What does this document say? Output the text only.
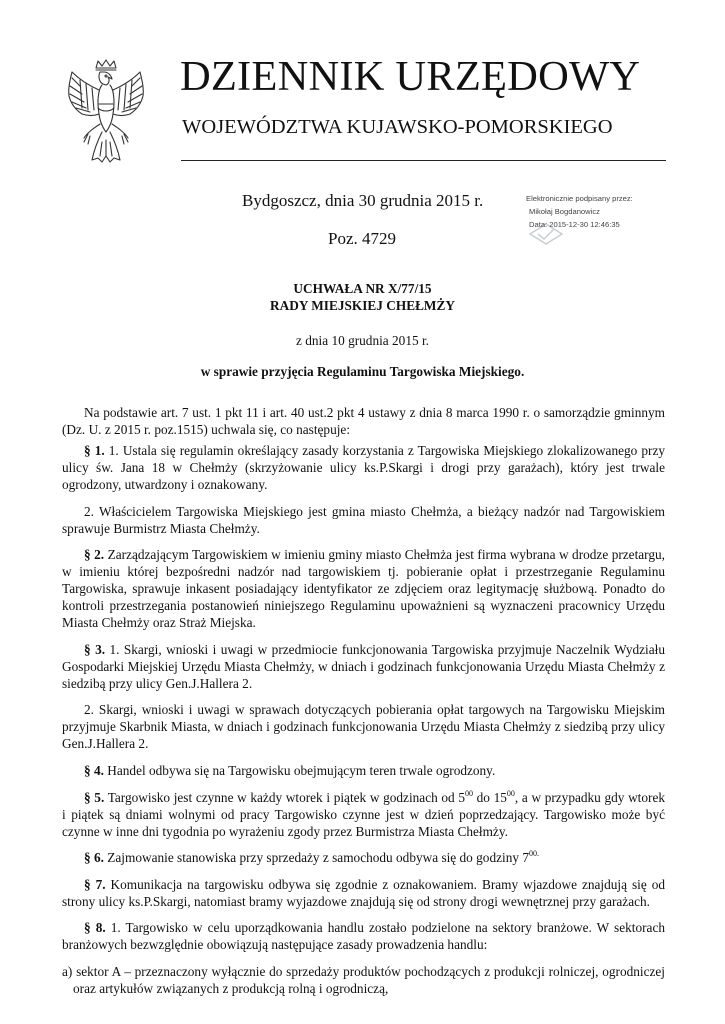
DZIENNIK URZĘDOWY
WOJEWÓDZTWA KUJAWSKO-POMORSKIEGO
Bydgoszcz, dnia 30 grudnia 2015 r.
Poz. 4729
Elektronicznie podpisany przez:
Mikołaj Bogdanowicz
Data: 2015-12-30 12:46:35
UCHWAŁA NR X/77/15
RADY MIEJSKIEJ CHEŁMŻY
z dnia 10 grudnia 2015 r.
w sprawie przyjęcia Regulaminu Targowiska Miejskiego.

Na podstawie art. 7 ust. 1 pkt 11 i art. 40 ust.2 pkt 4 ustawy z dnia 8 marca 1990 r. o samorządzie gminnym (Dz. U. z 2015 r. poz.1515) uchwala się, co następuje:

§ 1. 1. Ustala się regulamin określający zasady korzystania z Targowiska Miejskiego zlokalizowanego przy ulicy św. Jana 18 w Chełmży (skrzyżowanie ulicy ks.P.Skargi i drogi przy garażach), który jest trwale ogrodzony, utwardzony i oznakowany.

2. Właścicielem Targowiska Miejskiego jest gmina miasto Chełmża, a bieżący nadzór nad Targowiskiem sprawuje Burmistrz Miasta Chełmży.

§ 2. Zarządzającym Targowiskiem w imieniu gminy miasto Chełmża jest firma wybrana w drodze przetargu, w imieniu której bezpośredni nadzór nad targowiskiem tj. pobieranie opłat i przestrzeganie Regulaminu Targowiska, sprawuje inkasent posiadający identyfikator ze zdjęciem oraz legitymację służbową. Ponadto do kontroli przestrzegania postanowień niniejszego Regulaminu upoważnieni są wyznaczeni pracownicy Urzędu Miasta Chełmży oraz Straż Miejska.

§ 3. 1. Skargi, wnioski i uwagi w przedmiocie funkcjonowania Targowiska przyjmuje Naczelnik Wydziału Gospodarki Miejskiej Urzędu Miasta Chełmży, w dniach i godzinach funkcjonowania Urzędu Miasta Chełmży z siedzibą przy ulicy Gen.J.Hallera 2.

2. Skargi, wnioski i uwagi w sprawach dotyczących pobierania opłat targowych na Targowisku Miejskim przyjmuje Skarbnik Miasta, w dniach i godzinach funkcjonowania Urzędu Miasta Chełmży z siedzibą przy ulicy Gen.J.Hallera 2.

§ 4. Handel odbywa się na Targowisku obejmującym teren trwale ogrodzony.

§ 5. Targowisko jest czynne w każdy wtorek i piątek w godzinach od $5^{00}$ do $15^{00}$, a w przypadku gdy wtorek i piątek są dniami wolnymi od pracy Targowisko czynne jest w dzień poprzedzający. Targowisko może być czynne w inne dni tygodnia po wyrażeniu zgody przez Burmistrza Miasta Chełmży.

§ 6. Zajmowanie stanowiska przy sprzedaży z samochodu odbywa się do godziny $7^{00.}$

§ 7. Komunikacja na targowisku odbywa się zgodnie z oznakowaniem. Bramy wjazdowe znajdują się od strony ulicy ks.P.Skargi, natomiast bramy wyjazdowe znajdują się od strony drogi wewnętrznej przy garażach.

§ 8. 1. Targowisko w celu uporządkowania handlu zostało podzielone na sektory branżowe. W sektorach branżowych bezwzględnie obowiązują następujące zasady prowadzenia handlu:

a) sektor A – przeznaczony wyłącznie do sprzedaży produktów pochodzących z produkcji rolniczej, ogrodniczej oraz artykułów związanych z produkcją rolną i ogrodniczą,
